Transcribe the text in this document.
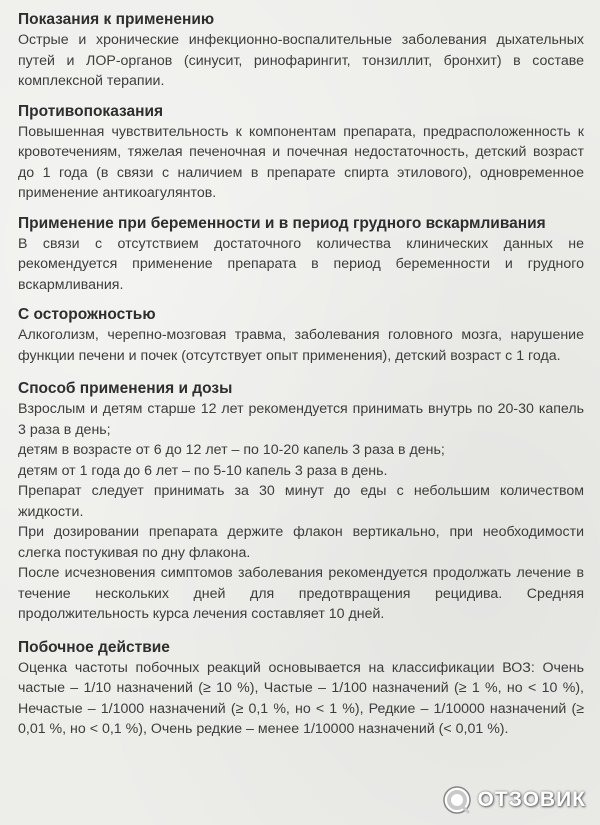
Показания к применению

Острые и хронические инфекционно-воспалительные заболевания дыхательных путей и ЛОР-органов (синусит, ринофарингит, тонзиллит, бронхит) в составе комплексной терапии.

Противопоказания

Повышенная чувствительность к компонентам препарата, предрасположенность к кровотечениям, тяжелая печеночная и почечная недостаточность, детский возраст до 1 года (в связи с наличием в препарате спирта этилового), одновременное применение антикоагулянтов.

Применение при беременности и в период грудного вскармливания

В связи с отсутствием достаточного количества клинических данных не рекомендуется применение препарата в период беременности и грудного вскармливания.

С осторожностью

Алкоголизм, черепно-мозговая травма, заболевания головного мозга, нарушение функции печени и почек (отсутствует опыт применения), детский возраст с 1 года.

Способ применения и дозы

Взрослым и детям старше 12 лет рекомендуется принимать внутрь по 20-30 капель 3 раза в день;

детям в возрасте от 6 до 12 лет – по 10-20 капель 3 раза в день;

детям от 1 года до 6 лет – по 5-10 капель 3 раза в день.

Препарат следует принимать за 30 минут до еды с небольшим количеством жидкости.

При дозировании препарата держите флакон вертикально, при необходимости слегка постукивая по дну флакона.

После исчезновения симптомов заболевания рекомендуется продолжать лечение в течение нескольких дней для предотвращения рецидива. Средняя продолжительность курса лечения составляет 10 дней.

Побочное действие

Оценка частоты побочных реакций основывается на классификации ВОЗ: Очень частые – 1/10 назначений (≥ 10 %), Частые – 1/100 назначений (≥ 1 %, но < 10 %), Нечастые – 1/1000 назначений (≥ 0,1 %, но < 1 %), Редкие – 1/10000 назначений (≥ 0,01 %, но < 0,1 %), Очень редкие – менее 1/10000 назначений (< 0,01 %).

ОТЗОВИК
